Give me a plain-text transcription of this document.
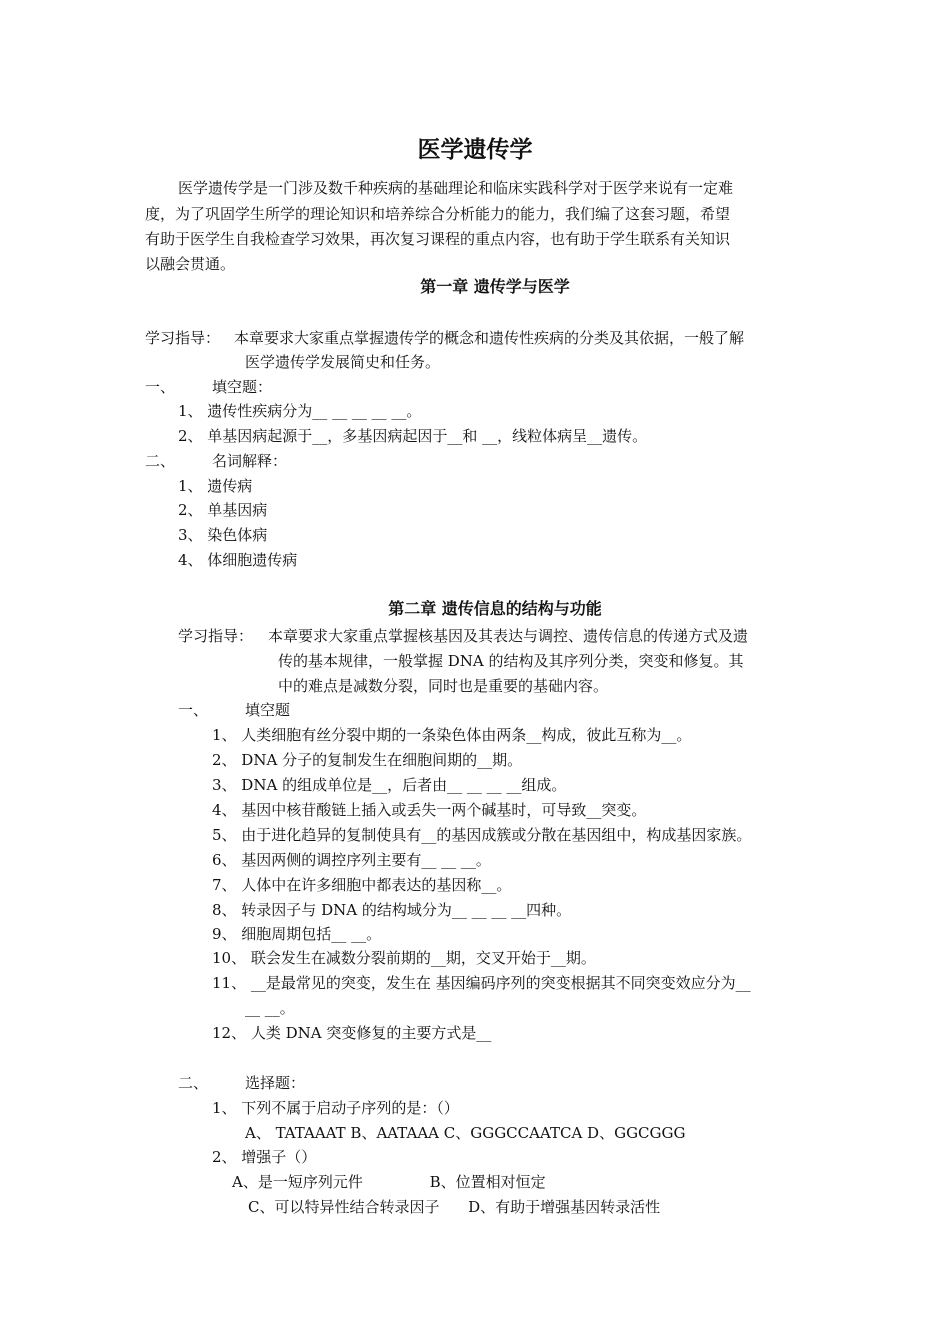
医学遗传学
医学遗传学是一门涉及数千种疾病的基础理论和临床实践科学对于医学来说有一定难
度，为了巩固学生所学的理论知识和培养综合分析能力的能力，我们编了这套习题，希望
有助于医学生自我检查学习效果，再次复习课程的重点内容，也有助于学生联系有关知识
以融会贯通。
第一章 遗传学与医学
学习指导： 本章要求大家重点掌握遗传学的概念和遗传性疾病的分类及其依据，一般了解
医学遗传学发展简史和任务。
一、 填空题：
1、 遗传性疾病分为__ __ __ __ __。
2、 单基因病起源于__，多基因病起因于__和 __，线粒体病呈__遗传。
二、 名词解释：
1、 遗传病
2、 单基因病
3、 染色体病
4、 体细胞遗传病
第二章 遗传信息的结构与功能
学习指导： 本章要求大家重点掌握核基因及其表达与调控、遗传信息的传递方式及遗
传的基本规律，一般掌握 DNA 的结构及其序列分类，突变和修复。其
中的难点是减数分裂，同时也是重要的基础内容。
一、 填空题
1、 人类细胞有丝分裂中期的一条染色体由两条__构成，彼此互称为__。
2、 DNA 分子的复制发生在细胞间期的__期。
3、 DNA 的组成单位是__，后者由__ __ __ __组成。
4、 基因中核苷酸链上插入或丢失一两个碱基时，可导致__突变。
5、 由于进化趋异的复制使具有__的基因成簇或分散在基因组中，构成基因家族。
6、 基因两侧的调控序列主要有__ __ __。
7、 人体中在许多细胞中都表达的基因称__。
8、 转录因子与 DNA 的结构域分为__ __ __ __四种。
9、 细胞周期包括__ __。
10、 联会发生在减数分裂前期的__期，交叉开始于__期。
11、 __是最常见的突变，发生在 基因编码序列的突变根据其不同突变效应分为__
__ __。
12、 人类 DNA 突变修复的主要方式是__
二、 选择题：
1、 下列不属于启动子序列的是：（）
A、 TATAAAT B、AATAAA C、GGGCCAATCA D、GGCGGG
2、 增强子（）
A、是一短序列元件              B、位置相对恒定
C、可以特异性结合转录因子      D、有助于增强基因转录活性
